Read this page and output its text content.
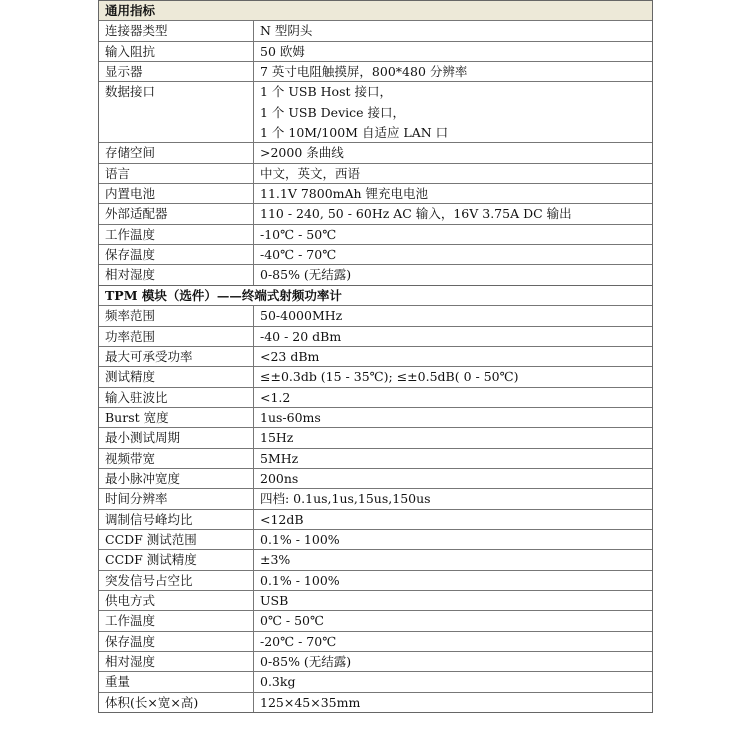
通用指标
连接器类型	N 型阴头
输入阻抗	50 欧姆
显示器	7 英寸电阻触摸屏，800*480 分辨率
数据接口	1 个 USB Host 接口，
1 个 USB Device 接口，
1 个 10M/100M 自适应 LAN 口
存储空间	>2000 条曲线
语言	中文，英文，西语
内置电池	11.1V 7800mAh 锂充电电池
外部适配器	110 - 240, 50 - 60Hz AC 输入，16V 3.75A DC 输出
工作温度	-10℃ - 50℃
保存温度	-40℃ - 70℃
相对湿度	0-85% (无结露)
TPM 模块（选件）——终端式射频功率计
频率范围	50-4000MHz
功率范围	-40 - 20 dBm
最大可承受功率	<23 dBm
测试精度	≤±0.3db (15 - 35℃); ≤±0.5dB( 0 - 50℃)
输入驻波比	<1.2
Burst 宽度	1us-60ms
最小测试周期	15Hz
视频带宽	5MHz
最小脉冲宽度	200ns
时间分辨率	四档: 0.1us,1us,15us,150us
调制信号峰均比	<12dB
CCDF 测试范围	0.1% - 100%
CCDF 测试精度	±3%
突发信号占空比	0.1% - 100%
供电方式	USB
工作温度	0℃ - 50℃
保存温度	-20℃ - 70℃
相对湿度	0-85% (无结露)
重量	0.3kg
体积(长×宽×高)	125×45×35mm
